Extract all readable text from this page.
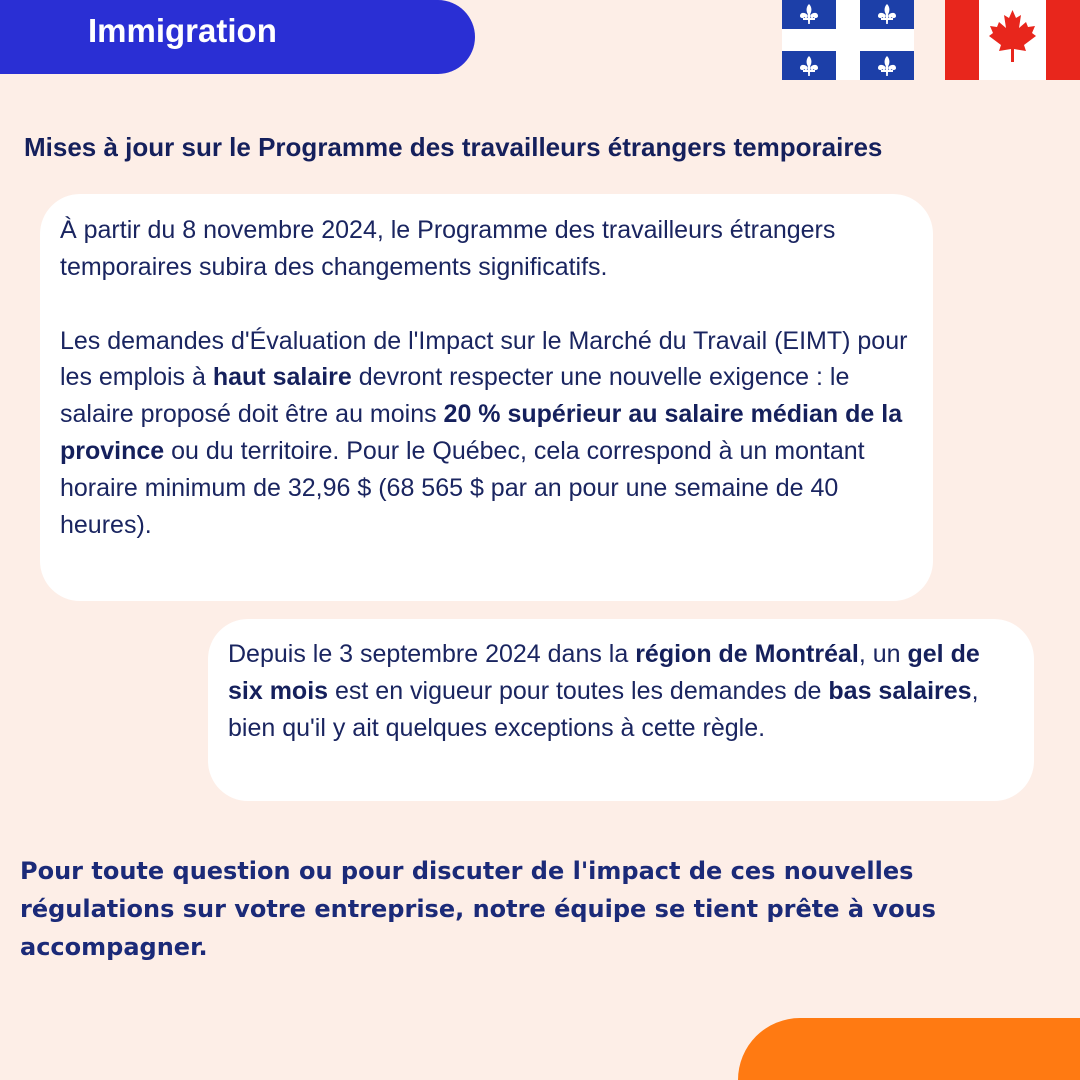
Immigration
Mises à jour sur le Programme des travailleurs étrangers temporaires

À partir du 8 novembre 2024, le Programme des travailleurs étrangers temporaires subira des changements significatifs.

Les demandes d'Évaluation de l'Impact sur le Marché du Travail (EIMT) pour les emplois à haut salaire devront respecter une nouvelle exigence : le salaire proposé doit être au moins 20 % supérieur au salaire médian de la province ou du territoire. Pour le Québec, cela correspond à un montant horaire minimum de 32,96 $ (68 565 $ par an pour une semaine de 40 heures).

Depuis le 3 septembre 2024 dans la région de Montréal, un gel de six mois est en vigueur pour toutes les demandes de bas salaires, bien qu'il y ait quelques exceptions à cette règle.

Pour toute question ou pour discuter de l'impact de ces nouvelles régulations sur votre entreprise, notre équipe se tient prête à vous accompagner.
